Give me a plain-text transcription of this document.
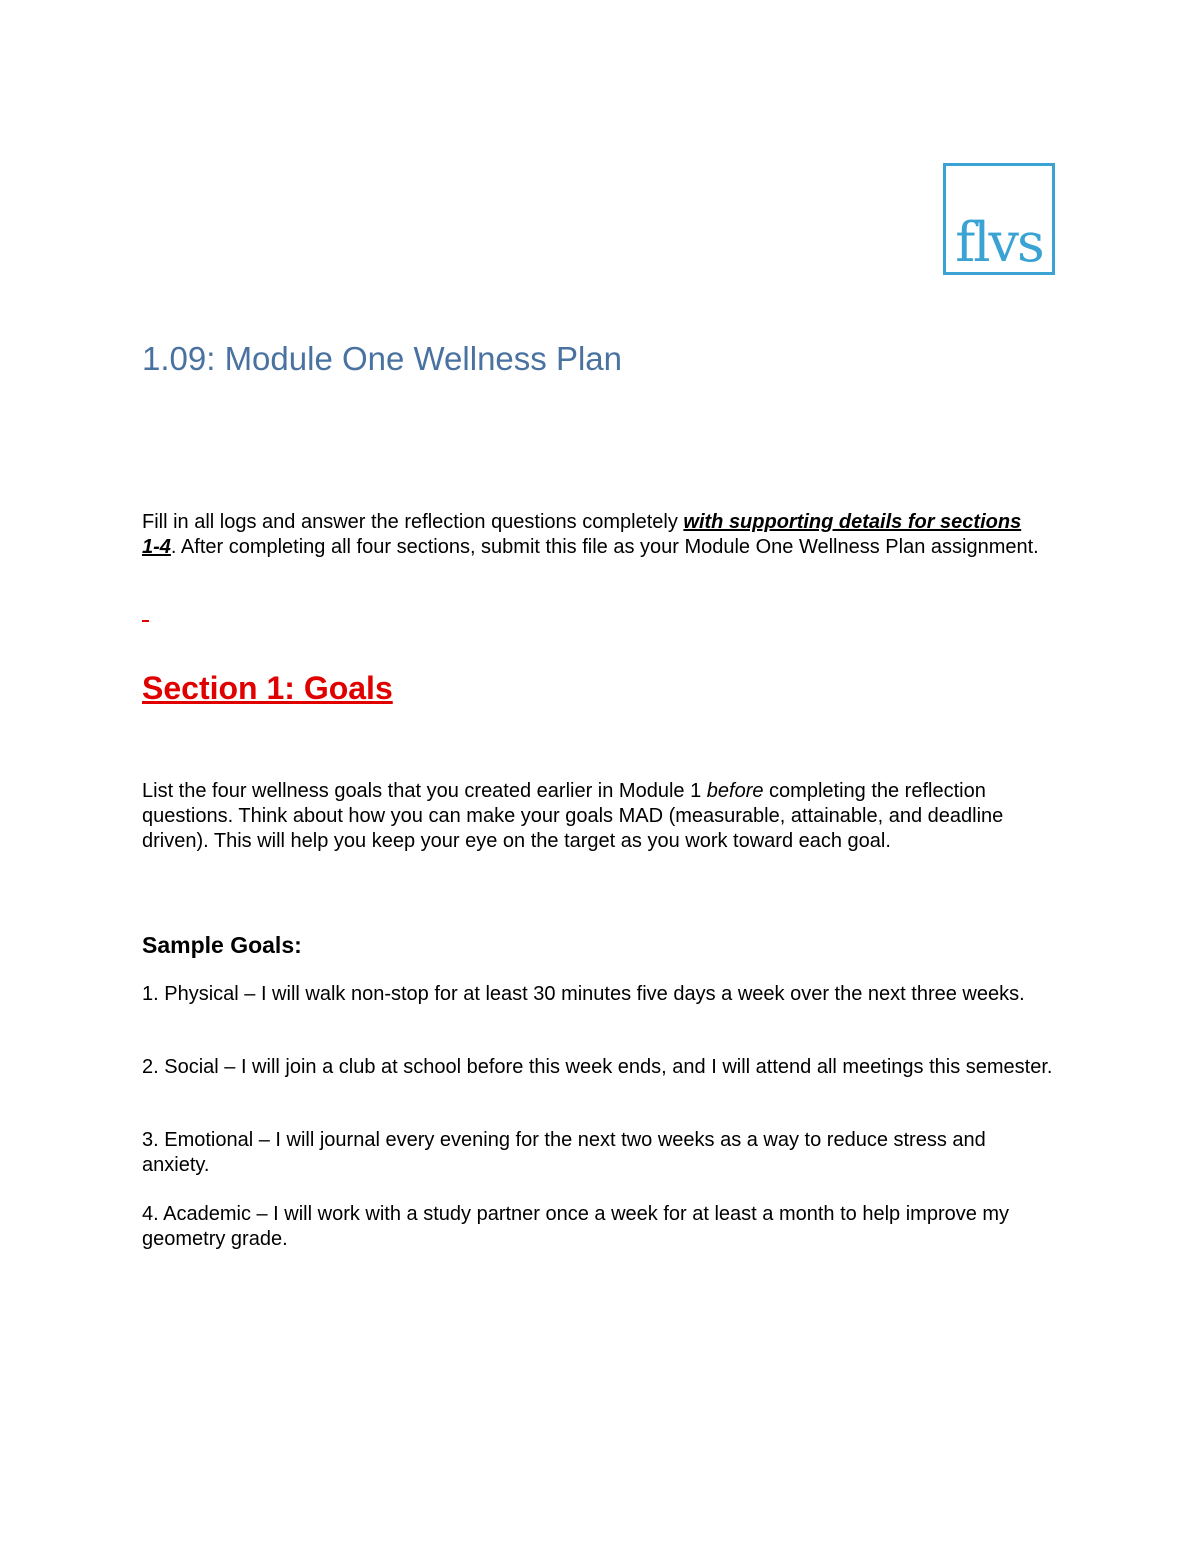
flvs
1.09: Module One Wellness Plan

Fill in all logs and answer the reflection questions completely with supporting details for sections 1-4. After completing all four sections, submit this file as your Module One Wellness Plan assignment.

Section 1: Goals

List the four wellness goals that you created earlier in Module 1 before completing the reflection questions. Think about how you can make your goals MAD (measurable, attainable, and deadline driven). This will help you keep your eye on the target as you work toward each goal.

Sample Goals:

1. Physical – I will walk non-stop for at least 30 minutes five days a week over the next three weeks.

2. Social – I will join a club at school before this week ends, and I will attend all meetings this semester.

3. Emotional – I will journal every evening for the next two weeks as a way to reduce stress and anxiety.

4. Academic – I will work with a study partner once a week for at least a month to help improve my geometry grade.
